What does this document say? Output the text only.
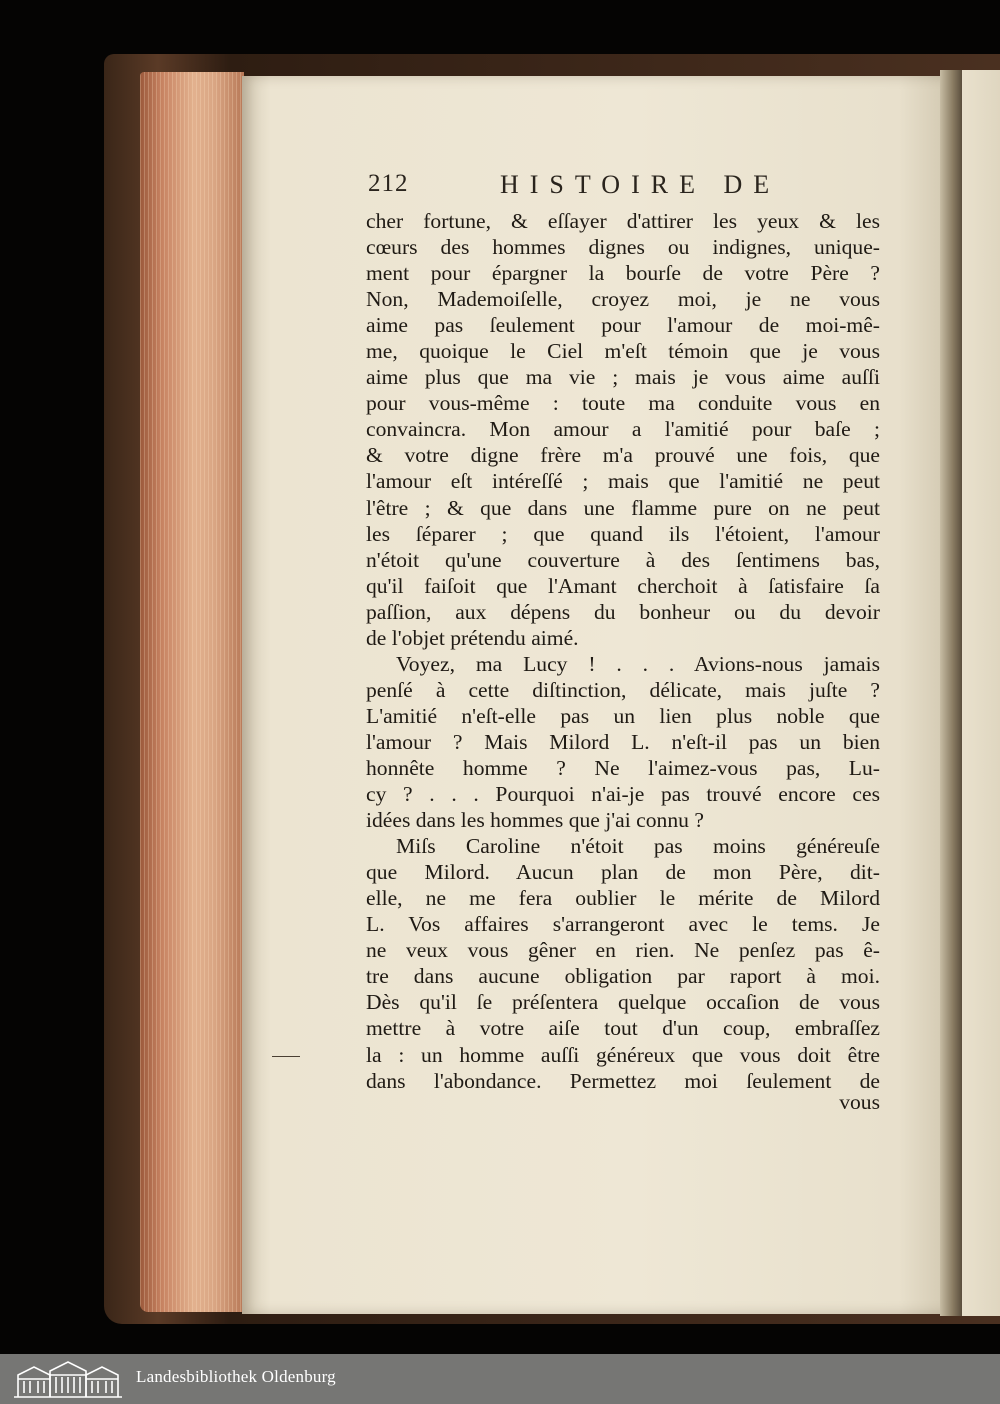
212	HISTOIRE DE
cher fortune, & eſſayer d'attirer les yeux & les
cœurs des hommes dignes ou indignes, unique-
ment pour épargner la bourſe de votre Père ?
Non, Mademoiſelle, croyez moi, je ne vous
aime pas ſeulement pour l'amour de moi-mê-
me, quoique le Ciel m'eſt témoin que je vous
aime plus que ma vie ; mais je vous aime auſſi
pour vous-même : toute ma conduite vous en
convaincra. Mon amour a l'amitié pour baſe ;
& votre digne frère m'a prouvé une fois, que
l'amour eſt intéreſſé ; mais que l'amitié ne peut
l'être ; & que dans une flamme pure on ne peut
les ſéparer ; que quand ils l'étoient, l'amour
n'étoit qu'une couverture à des ſentimens bas,
qu'il faiſoit que l'Amant cherchoit à ſatisfaire ſa
paſſion, aux dépens du bonheur ou du devoir
de l'objet prétendu aimé.
Voyez, ma Lucy ! . . . Avions-nous jamais
penſé à cette diſtinction, délicate, mais juſte ?
L'amitié n'eſt-elle pas un lien plus noble que
l'amour ? Mais Milord L. n'eſt-il pas un bien
honnête homme ? Ne l'aimez-vous pas, Lu-
cy ? . . . Pourquoi n'ai-je pas trouvé encore ces
idées dans les hommes que j'ai connu ?
Miſs Caroline n'étoit pas moins généreuſe
que Milord. Aucun plan de mon Père, dit-
elle, ne me fera oublier le mérite de Milord
L. Vos affaires s'arrangeront avec le tems. Je
ne veux vous gêner en rien. Ne penſez pas ê-
tre dans aucune obligation par raport à moi.
Dès qu'il ſe préſentera quelque occaſion de vous
mettre à votre aiſe tout d'un coup, embraſſez
la : un homme auſſi généreux que vous doit être
dans l'abondance. Permettez moi ſeulement de
vous
Landesbibliothek Oldenburg
